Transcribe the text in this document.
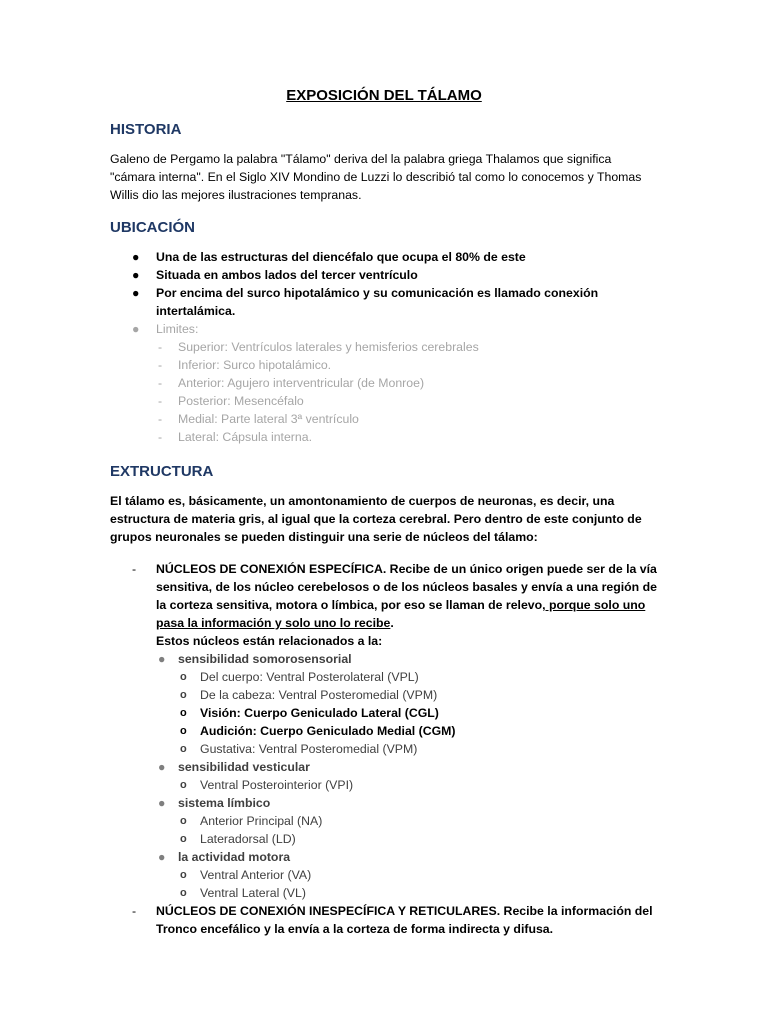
EXPOSICIÓN DEL TÁLAMO
HISTORIA
Galeno de Pergamo la palabra "Tálamo" deriva del la palabra griega Thalamos que significa "cámara interna". En el Siglo XIV Mondino de Luzzi lo describió tal como lo conocemos y Thomas Willis dio las mejores ilustraciones tempranas.
UBICACIÓN
● Una de las estructuras del diencéfalo que ocupa el 80% de este
● Situada en ambos lados del tercer ventrículo
● Por encima del surco hipotalámico y su comunicación es llamado conexión intertalámica.
● Limites:
- Superior: Ventrículos laterales y hemisferios cerebrales
- Inferior: Surco hipotalámico.
- Anterior: Agujero interventricular (de Monroe)
- Posterior: Mesencéfalo
- Medial: Parte lateral 3ª ventrículo
- Lateral: Cápsula interna.
EXTRUCTURA
El tálamo es, básicamente, un amontonamiento de cuerpos de neuronas, es decir, una estructura de materia gris, al igual que la corteza cerebral. Pero dentro de este conjunto de grupos neuronales se pueden distinguir una serie de núcleos del tálamo:
- NÚCLEOS DE CONEXIÓN ESPECÍFICA. Recibe de un único origen puede ser de la vía sensitiva, de los núcleo cerebelosos o de los núcleos basales y envía a una región de la corteza sensitiva, motora o límbica, por eso se llaman de relevo, porque solo uno pasa la información y solo uno lo recibe.
Estos núcleos están relacionados a la:
● sensibilidad somorosensorial
o Del cuerpo: Ventral Posterolateral (VPL)
o De la cabeza: Ventral Posteromedial (VPM)
o Visión: Cuerpo Geniculado Lateral (CGL)
o Audición: Cuerpo Geniculado Medial (CGM)
o Gustativa: Ventral Posteromedial (VPM)
● sensibilidad vesticular
o Ventral Posterointerior (VPI)
● sistema límbico
o Anterior Principal (NA)
o Lateradorsal (LD)
● la actividad motora
o Ventral Anterior (VA)
o Ventral Lateral (VL)
- NÚCLEOS DE CONEXIÓN INESPECÍFICA Y RETICULARES. Recibe la información del Tronco encefálico y la envía a la corteza de forma indirecta y difusa.
